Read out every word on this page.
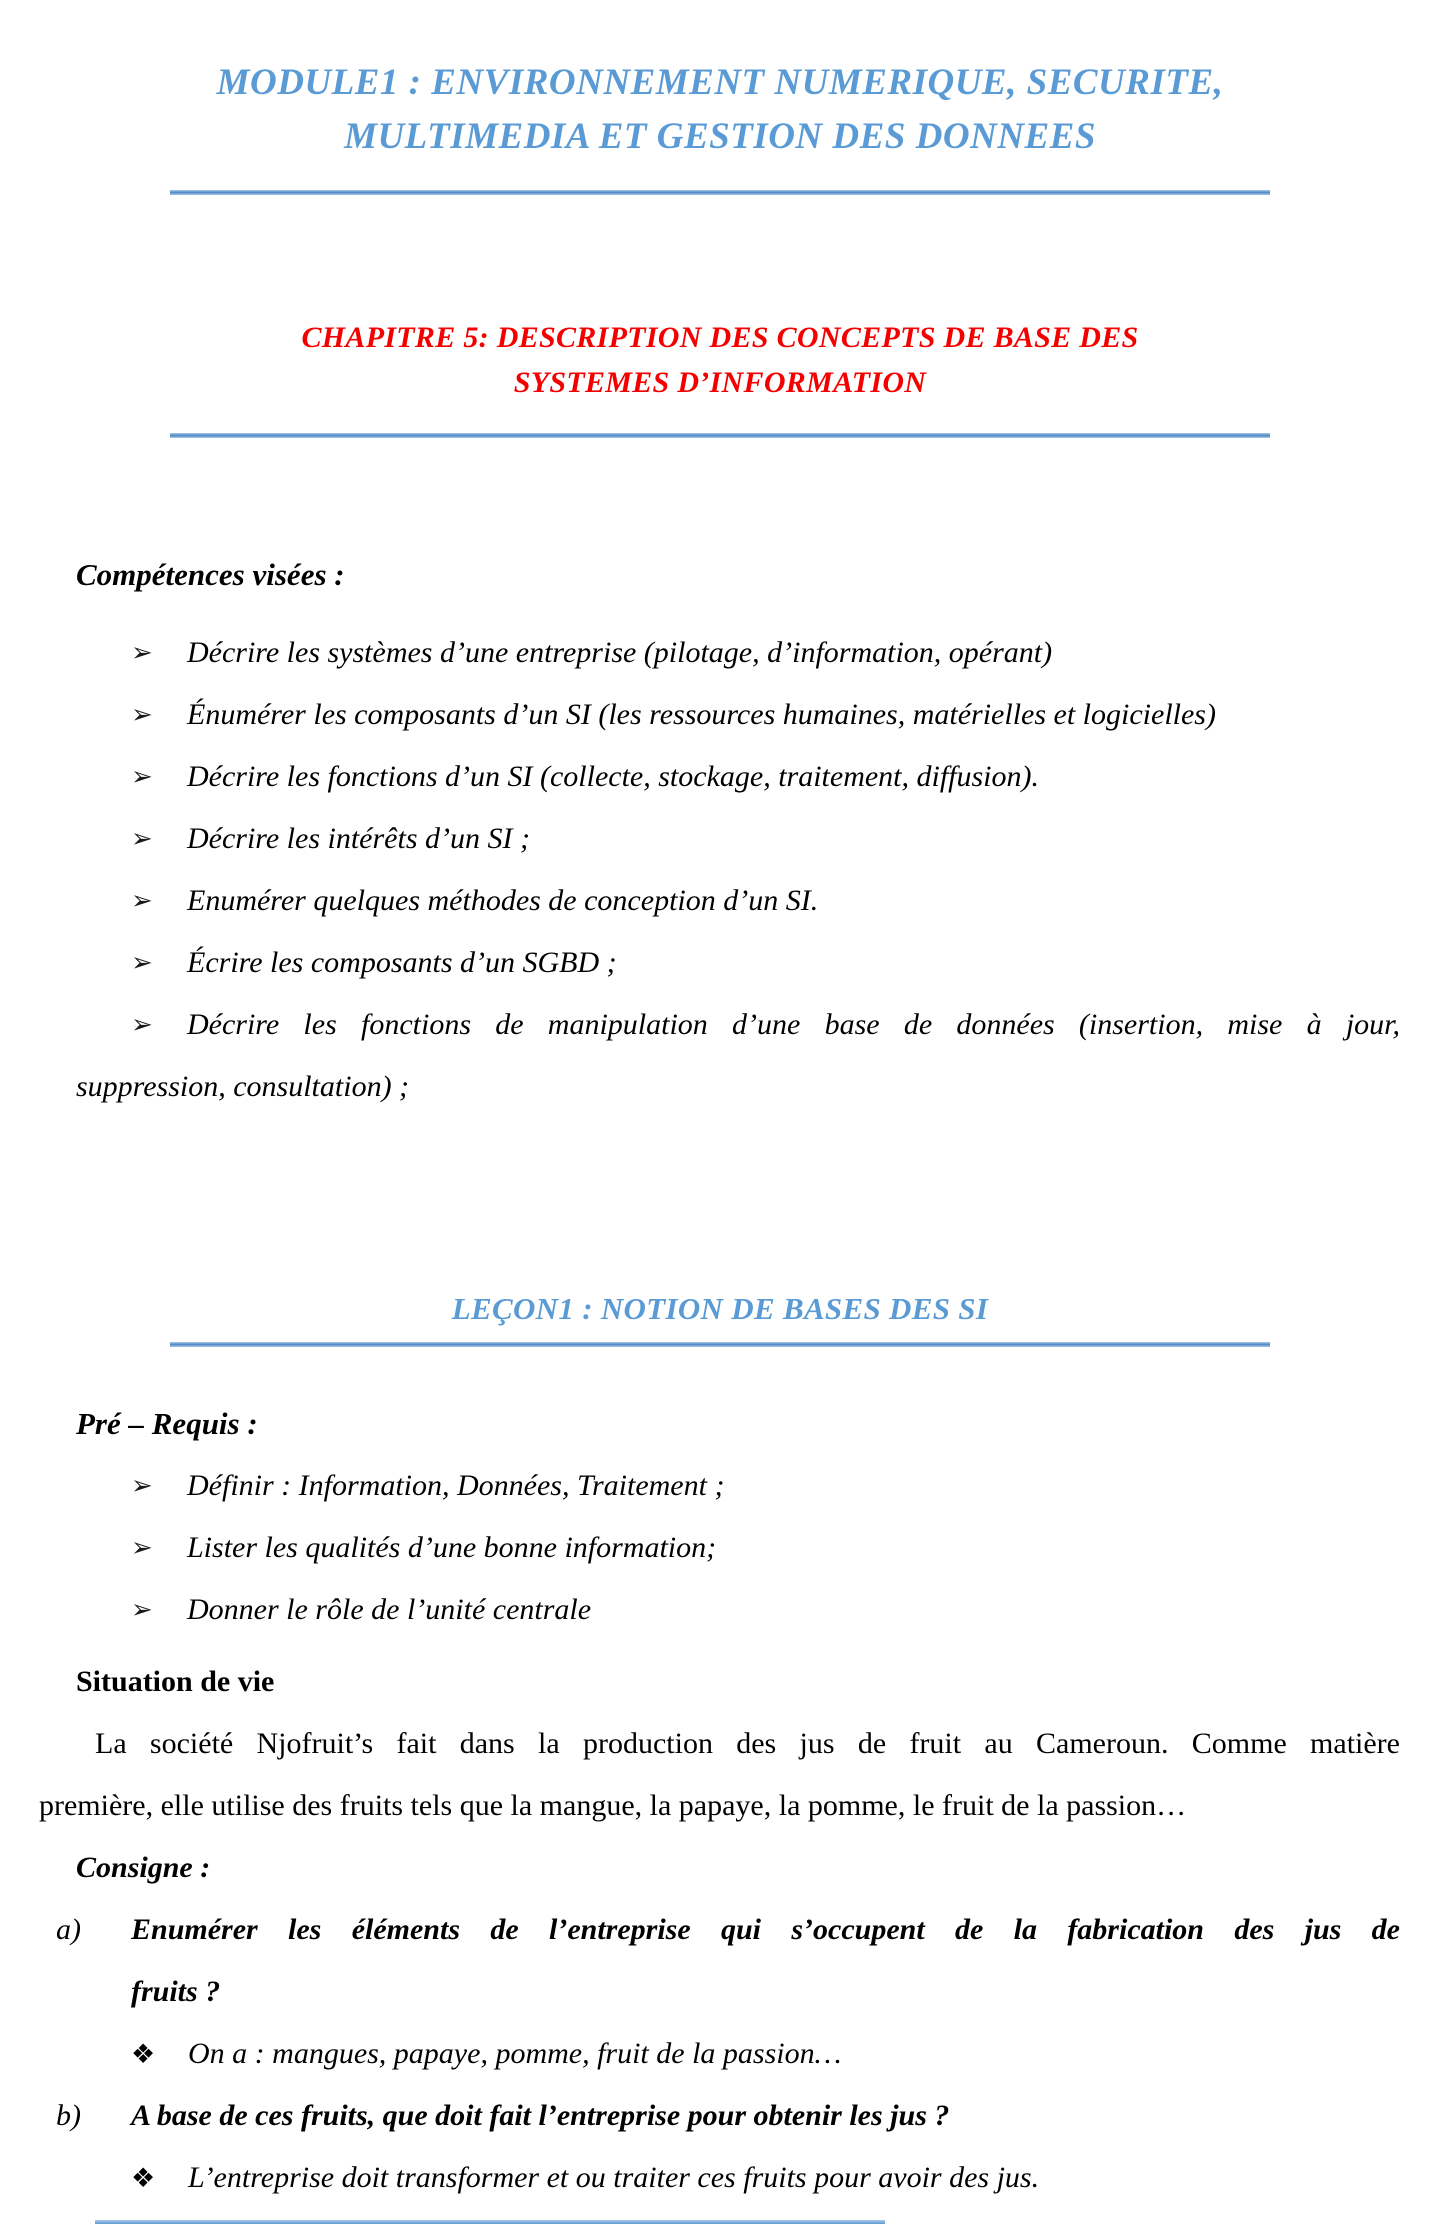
MODULE1 : ENVIRONNEMENT NUMERIQUE, SECURITE,
MULTIMEDIA ET GESTION DES DONNEES
CHAPITRE 5: DESCRIPTION DES CONCEPTS DE BASE DES
SYSTEMES D’INFORMATION
Compétences visées :
➢ Décrire les systèmes d’une entreprise (pilotage, d’information, opérant)
➢ Énumérer les composants d’un SI (les ressources humaines, matérielles et logicielles)
➢ Décrire les fonctions d’un SI (collecte, stockage, traitement, diffusion).
➢ Décrire les intérêts d’un SI ;
➢ Enumérer quelques méthodes de conception d’un SI.
➢ Écrire les composants d’un SGBD ;
➢ Décrire les fonctions de manipulation d’une base de données (insertion, mise à jour,
suppression, consultation) ;
LEÇON1 : NOTION DE BASES DES SI
Pré – Requis :
➢ Définir : Information, Données, Traitement ;
➢ Lister les qualités d’une bonne information;
➢ Donner le rôle de l’unité centrale
Situation de vie
La société Njofruit’s fait dans la production des jus de fruit au Cameroun. Comme matière
première, elle utilise des fruits tels que la mangue, la papaye, la pomme, le fruit de la passion…
Consigne :
a) Enumérer les éléments de l’entreprise qui s’occupent de la fabrication des jus de
fruits ?
❖ On a : mangues, papaye, pomme, fruit de la passion…
b) A base de ces fruits, que doit fait l’entreprise pour obtenir les jus ?
❖ L’entreprise doit transformer et ou traiter ces fruits pour avoir des jus.
